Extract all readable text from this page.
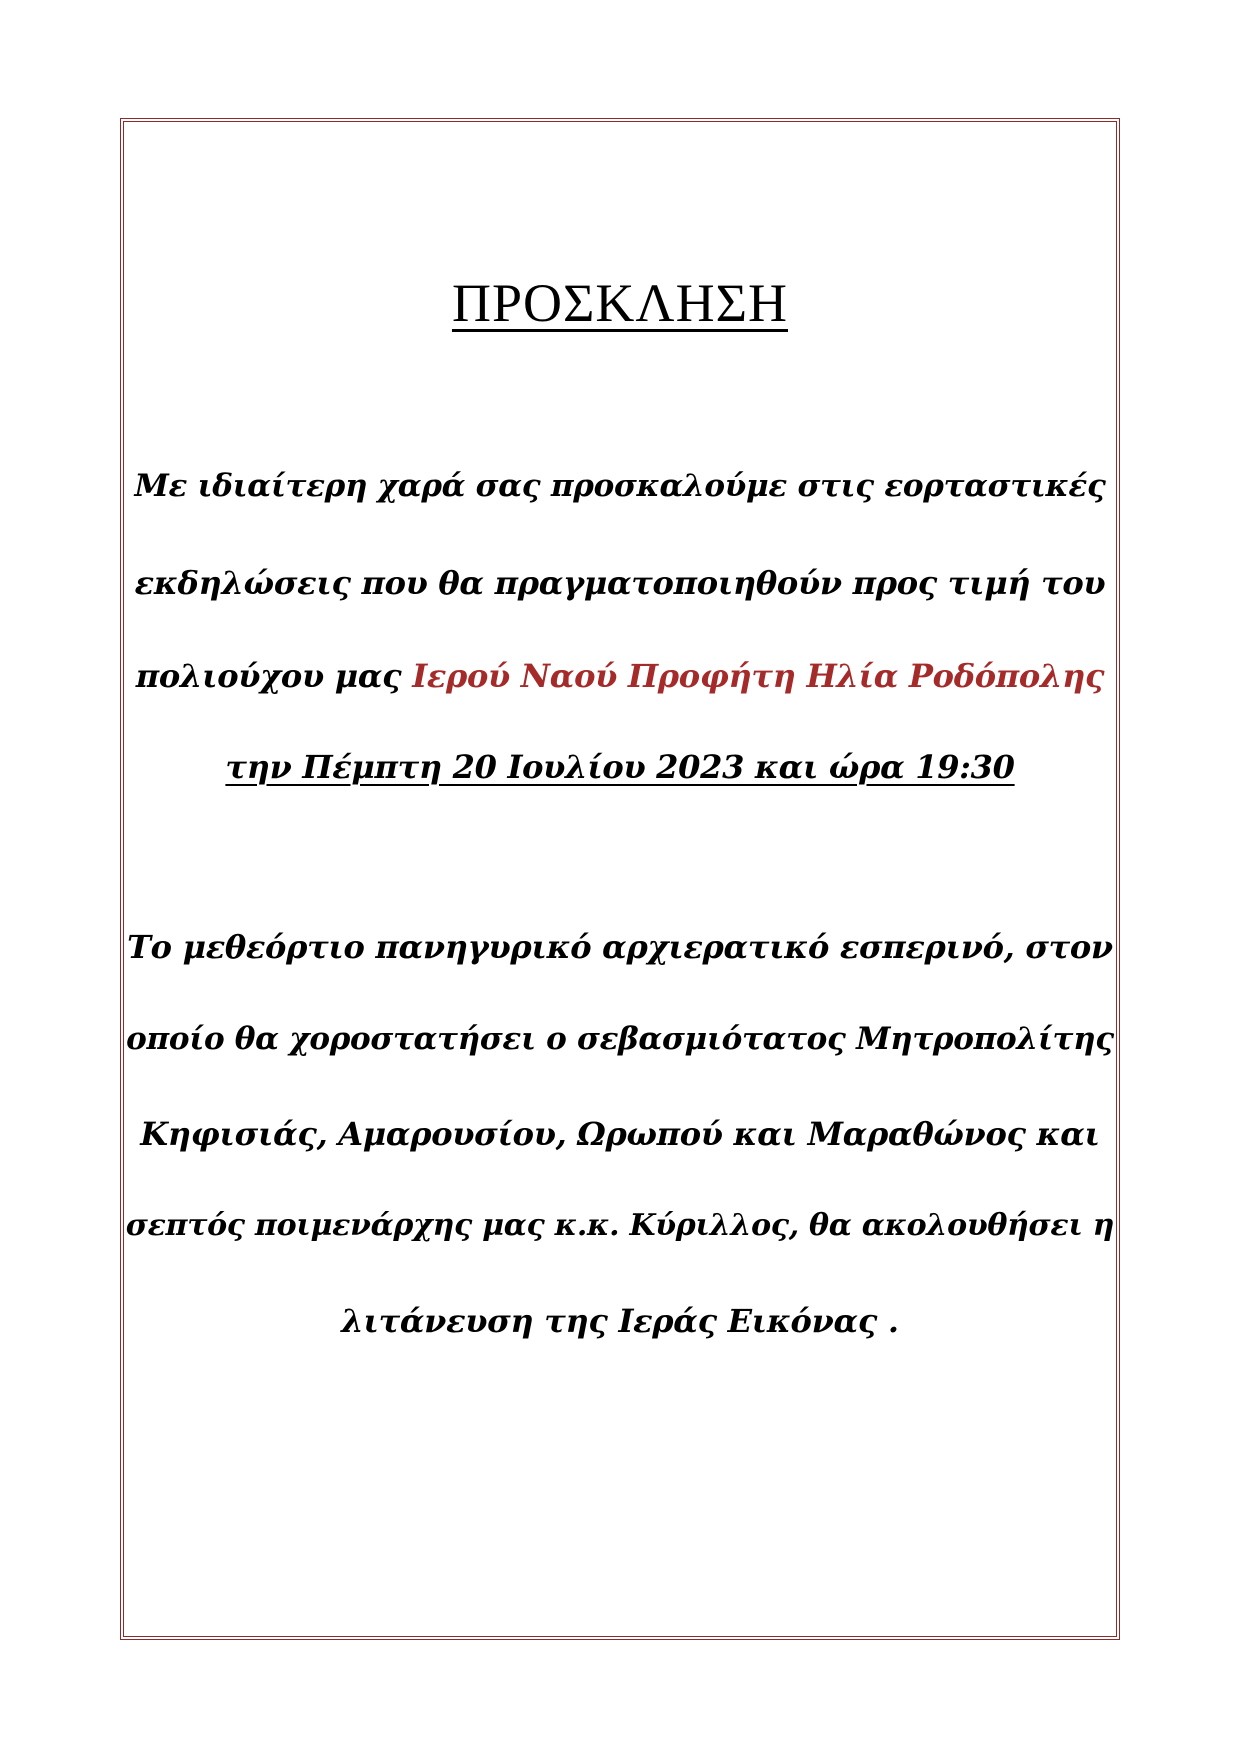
ΠΡΟΣΚΛΗΣΗ
Με ιδιαίτερη χαρά σας προσκαλούμε στις εορταστικές
εκδηλώσεις που θα πραγματοποιηθούν προς τιμή του
πολιούχου μας Ιερού Ναού Προφήτη Ηλία Ροδόπολης
την Πέμπτη 20 Ιουλίου 2023 και ώρα 19:30
Το μεθεόρτιο πανηγυρικό αρχιερατικό εσπερινό, στον
οποίο θα χοροστατήσει ο σεβασμιότατος Μητροπολίτης
Κηφισιάς, Αμαρουσίου, Ωρωπού και Μαραθώνος και
σεπτός ποιμενάρχης μας κ.κ. Κύριλλος, θα ακολουθήσει η
λιτάνευση της Ιεράς Εικόνας .
